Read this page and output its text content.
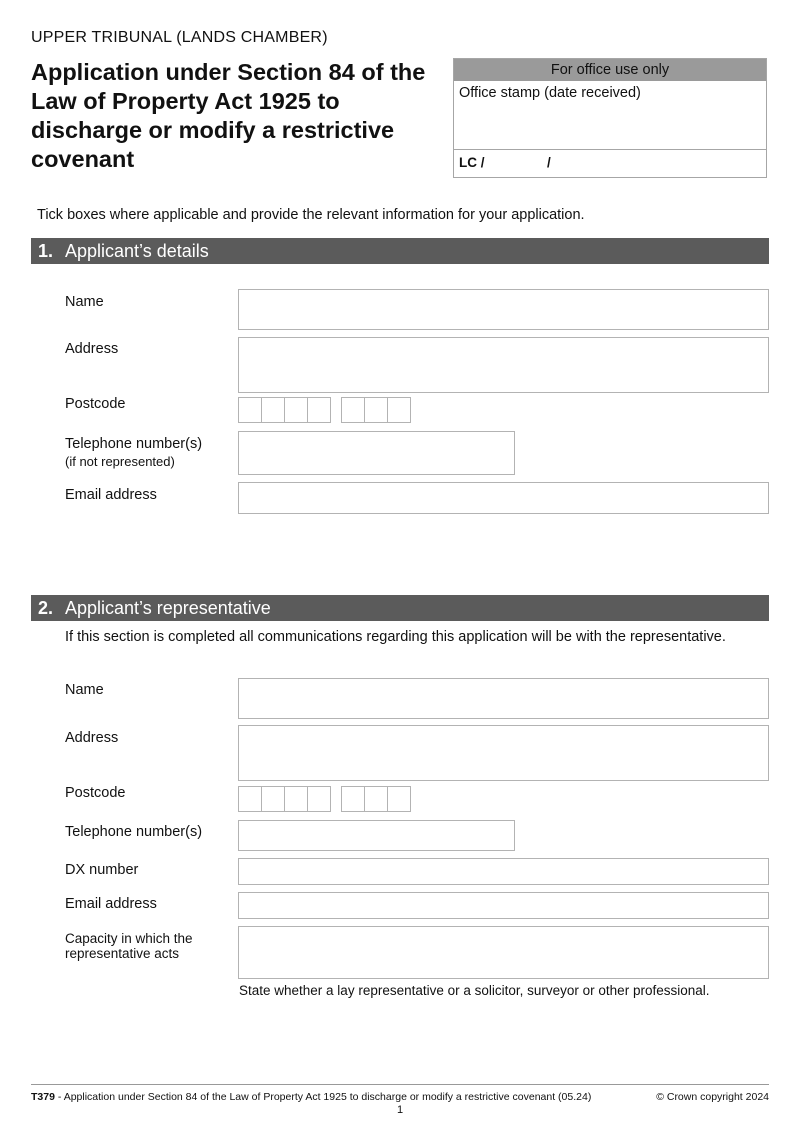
UPPER TRIBUNAL (LANDS CHAMBER)
Application under Section 84 of the Law of Property Act 1925 to discharge or modify a restrictive covenant
For office use only
Office stamp (date received)
LC /	/
Tick boxes where applicable and provide the relevant information for your application.
1. Applicant’s details
Name
Address
Postcode
Telephone number(s)
(if not represented)
Email address
2. Applicant’s representative
If this section is completed all communications regarding this application will be with the representative.
Name
Address
Postcode
Telephone number(s)
DX number
Email address
Capacity in which the representative acts
State whether a lay representative or a solicitor, surveyor or other professional.
T379 - Application under Section 84 of the Law of Property Act 1925 to discharge or modify a restrictive covenant (05.24)	© Crown copyright 2024
1
